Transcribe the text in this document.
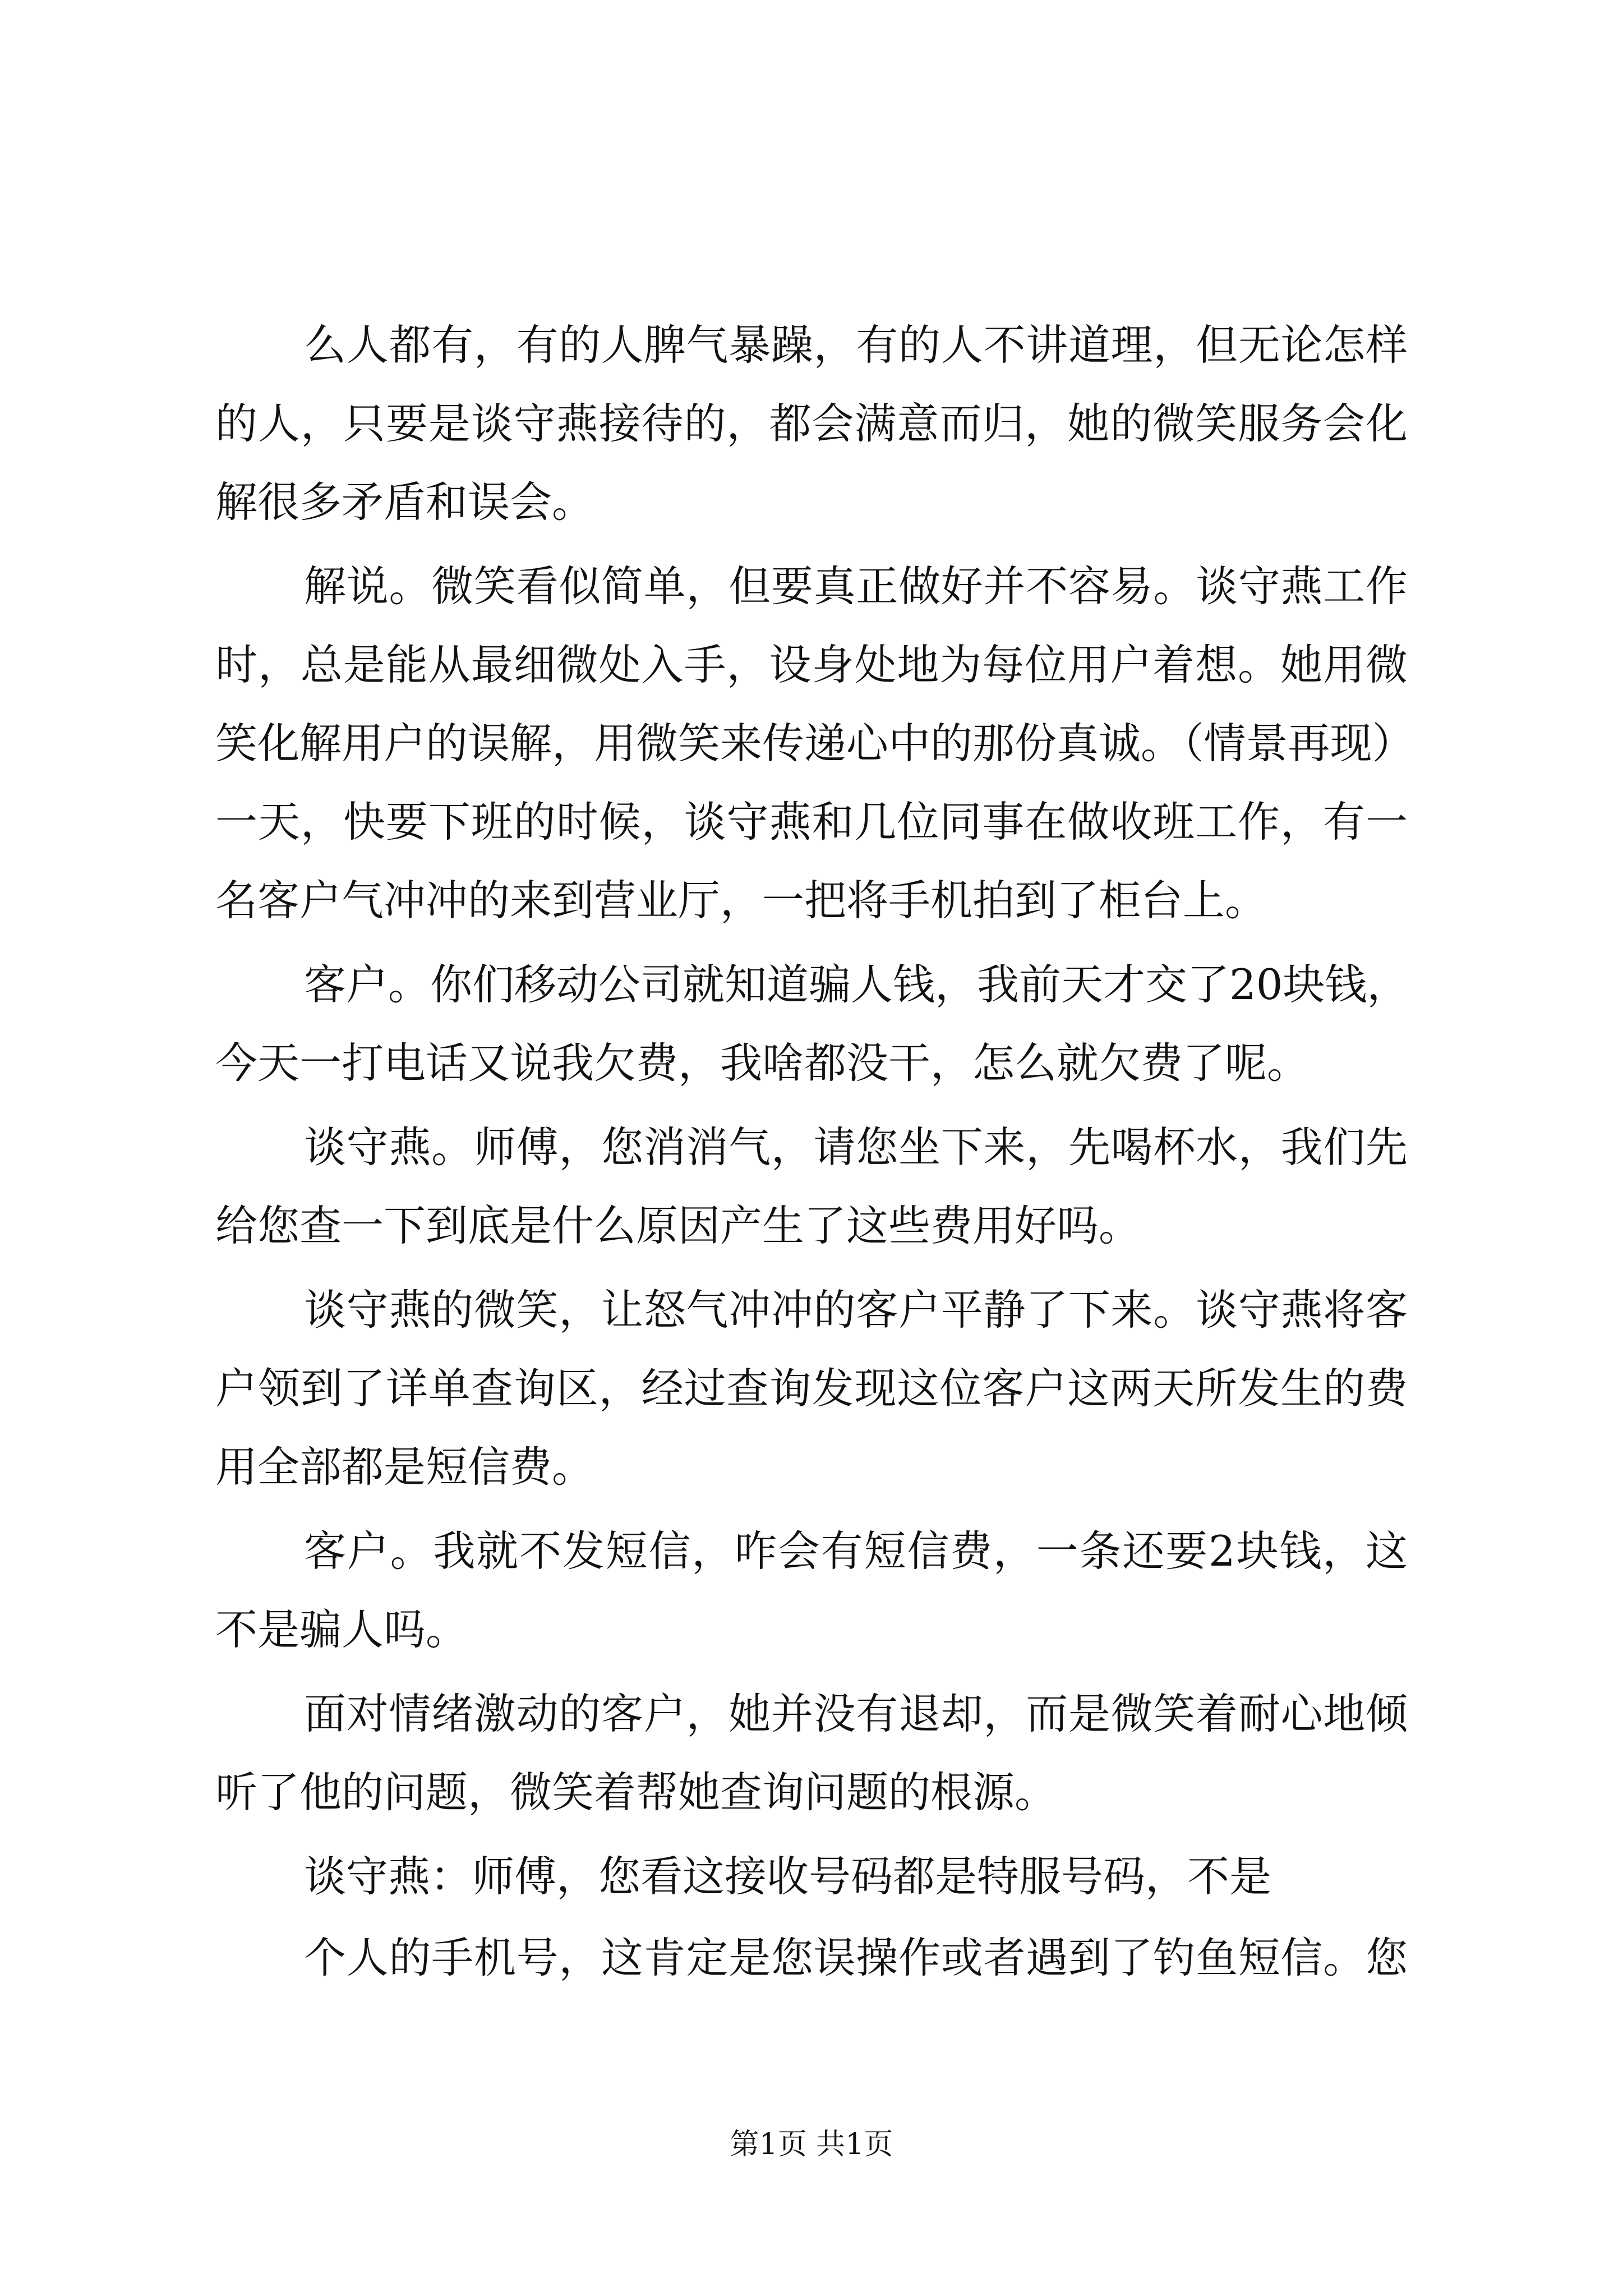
么人都有，有的人脾气暴躁，有的人不讲道理，但无论怎样
的人，只要是谈守燕接待的，都会满意而归，她的微笑服务会化
解很多矛盾和误会。
解说。微笑看似简单，但要真正做好并不容易。谈守燕工作
时，总是能从最细微处入手，设身处地为每位用户着想。她用微
笑化解用户的误解，用微笑来传递心中的那份真诚。（情景再现）
一天，快要下班的时候，谈守燕和几位同事在做收班工作，有一
名客户气冲冲的来到营业厅，一把将手机拍到了柜台上。
客户。你们移动公司就知道骗人钱，我前天才交了20块钱，
今天一打电话又说我欠费，我啥都没干，怎么就欠费了呢。
谈守燕。师傅，您消消气，请您坐下来，先喝杯水，我们先
给您查一下到底是什么原因产生了这些费用好吗。
谈守燕的微笑，让怒气冲冲的客户平静了下来。谈守燕将客
户领到了详单查询区，经过查询发现这位客户这两天所发生的费
用全部都是短信费。
客户。我就不发短信，咋会有短信费，一条还要2块钱，这
不是骗人吗。
面对情绪激动的客户，她并没有退却，而是微笑着耐心地倾
听了他的问题，微笑着帮她查询问题的根源。
谈守燕：师傅，您看这接收号码都是特服号码，不是
个人的手机号，这肯定是您误操作或者遇到了钓鱼短信。您
第1页 共1页
